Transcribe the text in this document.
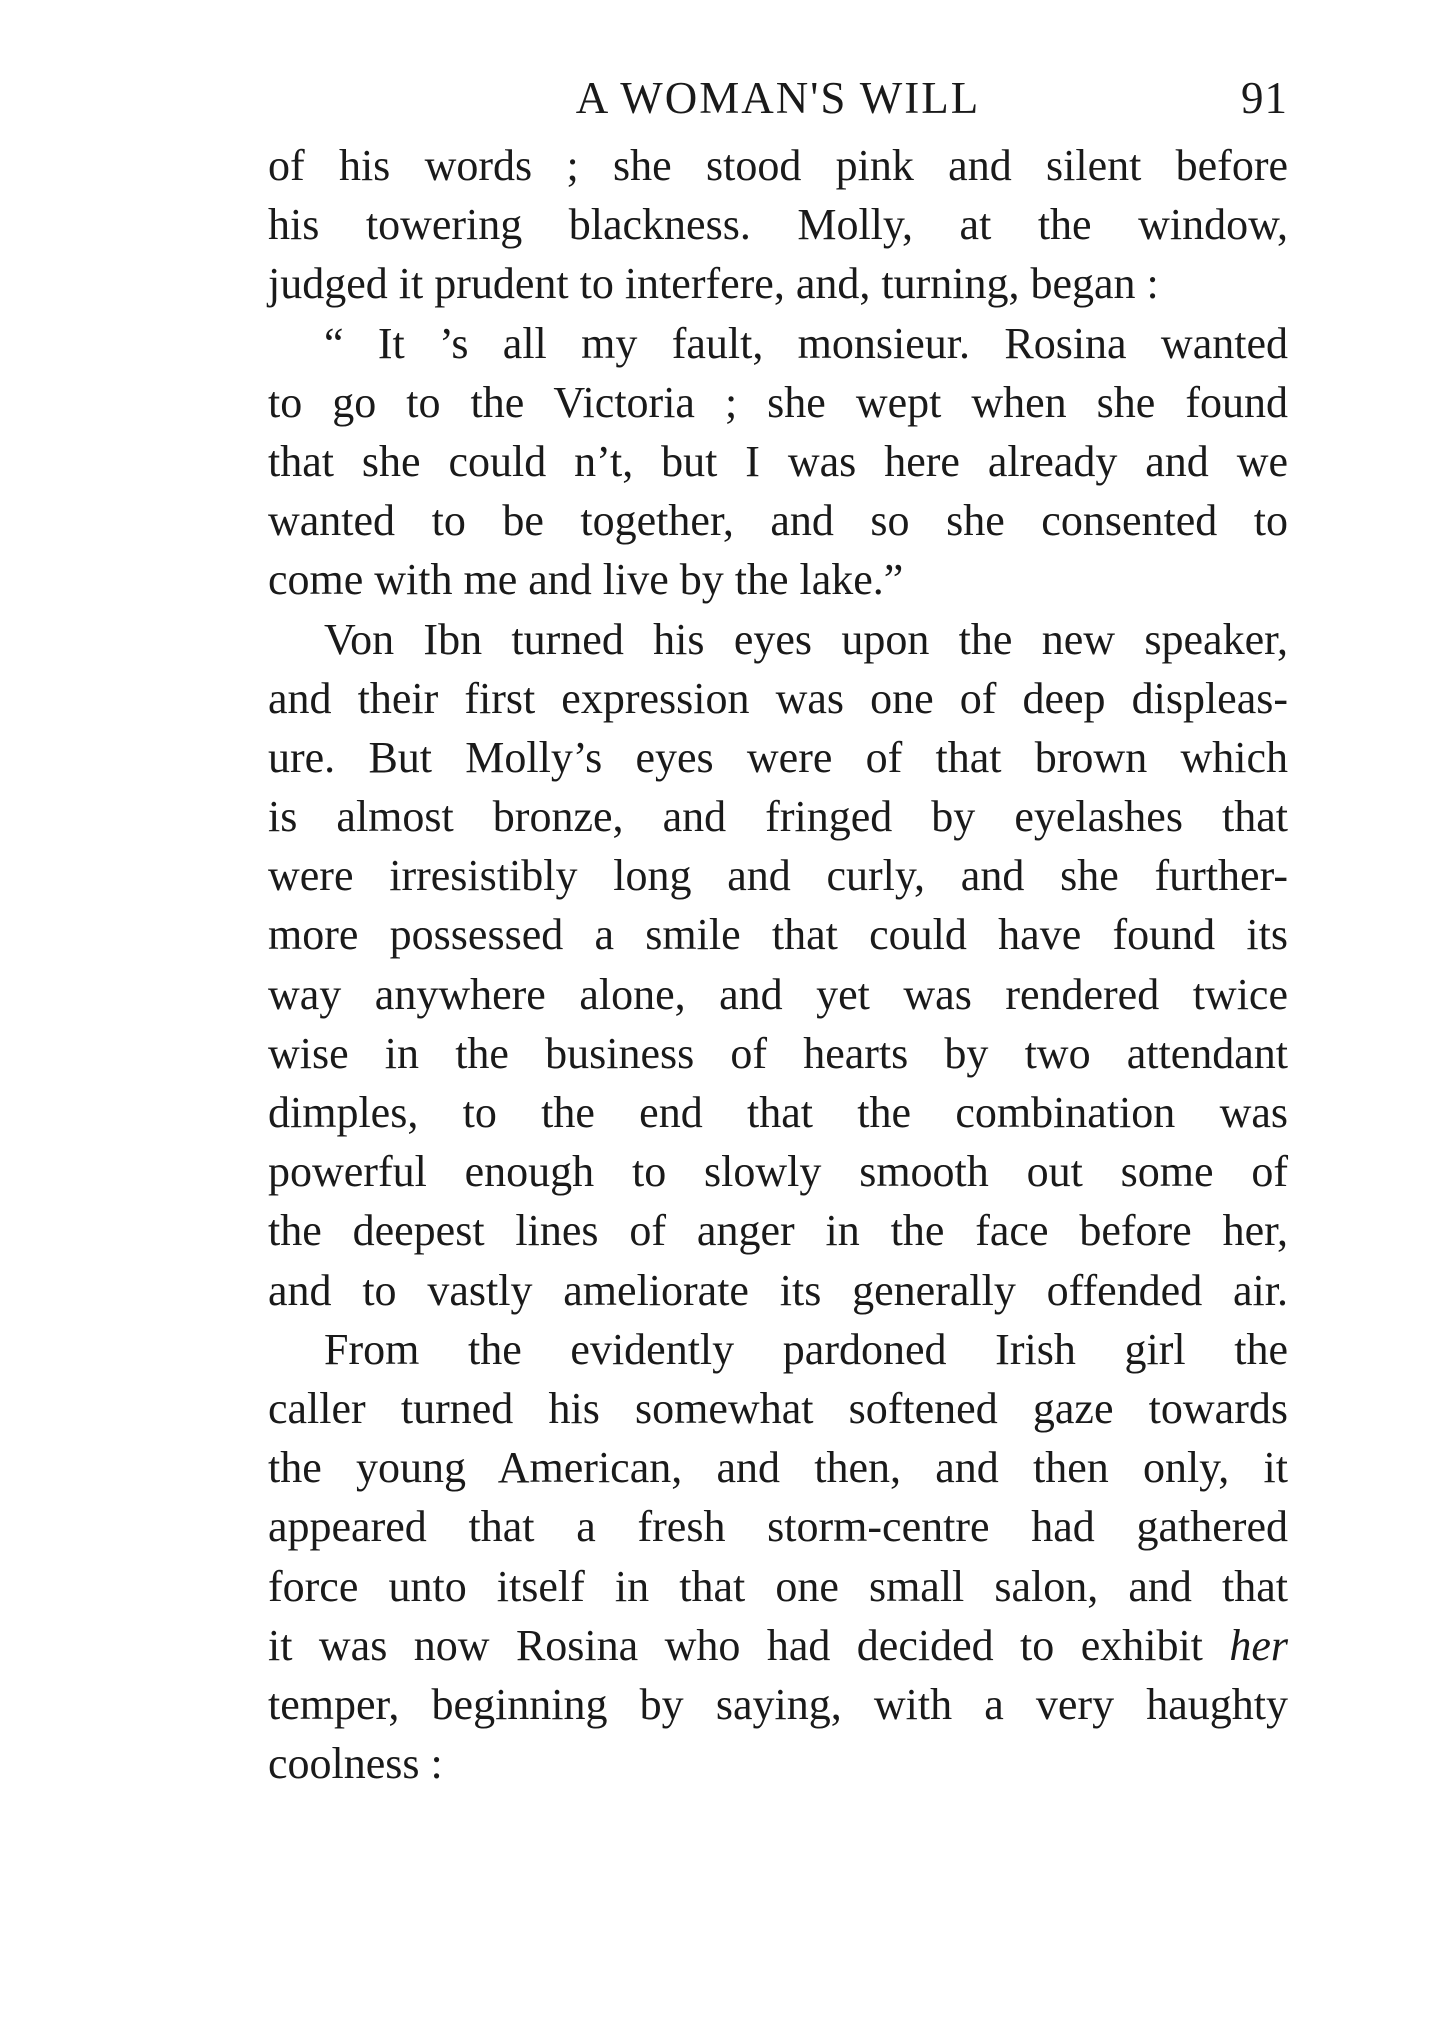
A WOMAN'S WILL	91
of his words ; she stood pink and silent before
his towering blackness. Molly, at the window,
judged it prudent to interfere, and, turning, began :
“ It ’s all my fault, monsieur. Rosina wanted
to go to the Victoria ; she wept when she found
that she could n’t, but I was here already and we
wanted to be together, and so she consented to
come with me and live by the lake.”
Von Ibn turned his eyes upon the new speaker,
and their first expression was one of deep displeas-
ure. But Molly’s eyes were of that brown which
is almost bronze, and fringed by eyelashes that
were irresistibly long and curly, and she further-
more possessed a smile that could have found its
way anywhere alone, and yet was rendered twice
wise in the business of hearts by two attendant
dimples, to the end that the combination was
powerful enough to slowly smooth out some of
the deepest lines of anger in the face before her,
and to vastly ameliorate its generally offended air.
From the evidently pardoned Irish girl the
caller turned his somewhat softened gaze towards
the young American, and then, and then only, it
appeared that a fresh storm-centre had gathered
force unto itself in that one small salon, and that
it was now Rosina who had decided to exhibit her
temper, beginning by saying, with a very haughty
coolness :
